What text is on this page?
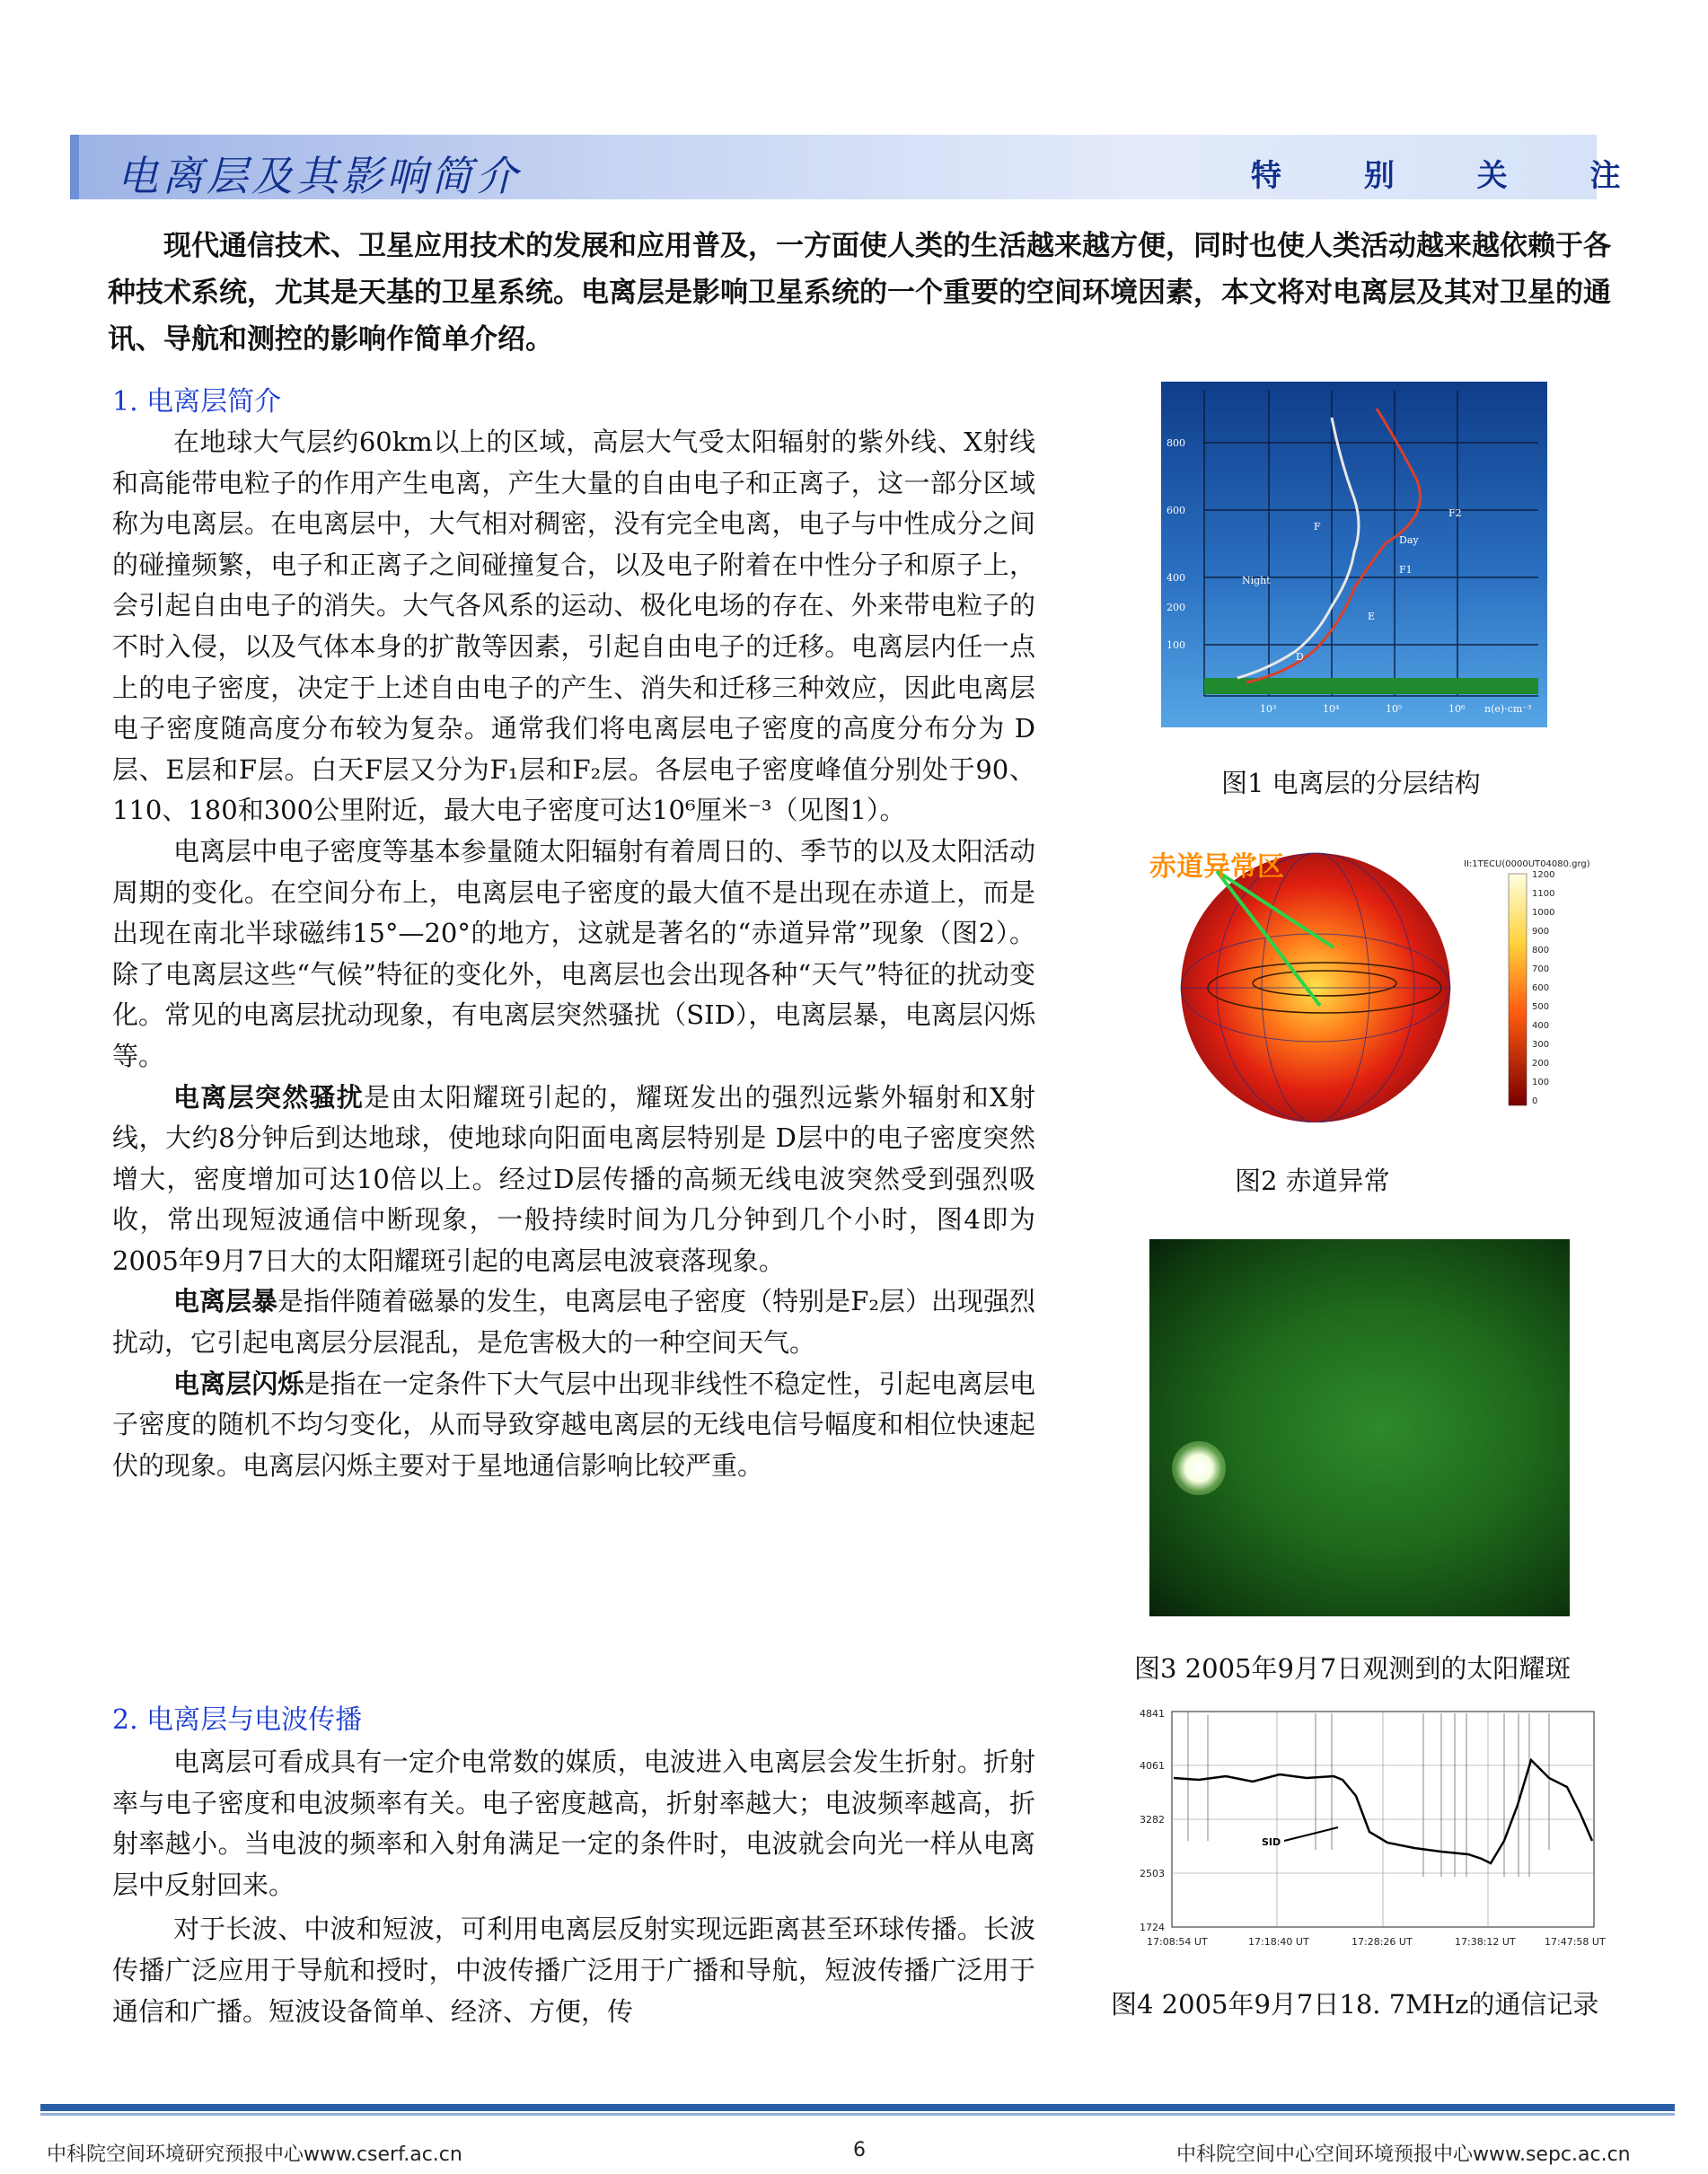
电离层及其影响简介	特 别 关 注
现代通信技术、卫星应用技术的发展和应用普及，一方面使人类的生活越来越方便，同时也使人类活动越来越依赖于各种技术系统，尤其是天基的卫星系统。电离层是影响卫星系统的一个重要的空间环境因素，本文将对电离层及其对卫星的通讯、导航和测控的影响作简单介绍。
1. 电离层简介

在地球大气层约60km以上的区域，高层大气受太阳辐射的紫外线、X射线和高能带电粒子的作用产生电离，产生大量的自由电子和正离子，这一部分区域称为电离层。在电离层中，大气相对稠密，没有完全电离，电子与中性成分之间的碰撞频繁，电子和正离子之间碰撞复合，以及电子附着在中性分子和原子上，会引起自由电子的消失。大气各风系的运动、极化电场的存在、外来带电粒子的不时入侵，以及气体本身的扩散等因素，引起自由电子的迁移。电离层内任一点上的电子密度，决定于上述自由电子的产生、消失和迁移三种效应，因此电离层电子密度随高度分布较为复杂。通常我们将电离层电子密度的高度分布分为 D层、E层和F层。白天F层又分为F₁层和F₂层。各层电子密度峰值分别处于90、110、180和300公里附近，最大电子密度可达10⁶厘米⁻³（见图1）。

电离层中电子密度等基本参量随太阳辐射有着周日的、季节的以及太阳活动周期的变化。在空间分布上，电离层电子密度的最大值不是出现在赤道上，而是出现在南北半球磁纬15°—20°的地方，这就是著名的“赤道异常”现象（图2）。除了电离层这些“气候”特征的变化外，电离层也会出现各种“天气”特征的扰动变化。常见的电离层扰动现象，有电离层突然骚扰（SID），电离层暴，电离层闪烁等。

电离层突然骚扰是由太阳耀斑引起的，耀斑发出的强烈远紫外辐射和X射线，大约8分钟后到达地球，使地球向阳面电离层特别是 D层中的电子密度突然增大，密度增加可达10倍以上。经过D层传播的高频无线电波突然受到强烈吸收，常出现短波通信中断现象，一般持续时间为几分钟到几个小时，图4即为2005年9月7日大的太阳耀斑引起的电离层电波衰落现象。

电离层暴是指伴随着磁暴的发生，电离层电子密度（特别是F₂层）出现强烈扰动，它引起电离层分层混乱，是危害极大的一种空间天气。

电离层闪烁是指在一定条件下大气层中出现非线性不稳定性，引起电离层电子密度的随机不均匀变化，从而导致穿越电离层的无线电信号幅度和相位快速起伏的现象。电离层闪烁主要对于星地通信影响比较严重。

2. 电离层与电波传播

电离层可看成具有一定介电常数的媒质，电波进入电离层会发生折射。折射率与电子密度和电波频率有关。电子密度越高，折射率越大；电波频率越高，折射率越小。当电波的频率和入射角满足一定的条件时，电波就会向光一样从电离层中反射回来。

对于长波、中波和短波，可利用电离层反射实现远距离甚至环球传播。长波传播广泛应用于导航和授时，中波传播广泛用于广播和导航，短波传播广泛用于通信和广播。短波设备简单、经济、方便，传

800
600
400
200
100
10³	10⁴	10⁵	10⁶ n(e)·cm⁻³
F
F2
Day
F1
Night
E
D
图1 电离层的分层结构
赤道异常区	II:1TECU(0000UT04080.grg)
1200
1100
1000
900
800
700
600
500
400
300
200
100
0
图2 赤道异常
图3 2005年9月7日观测到的太阳耀斑
SID
4841
4061
3282
2503
1724
17:08:54 UT	17:18:40 UT	17:28:26 UT	17:38:12 UT	17:47:58 UT
图4 2005年9月7日18. 7MHz的通信记录
中科院空间环境研究预报中心www.cserf.ac.cn	6	中科院空间中心空间环境预报中心www.sepc.ac.cn
